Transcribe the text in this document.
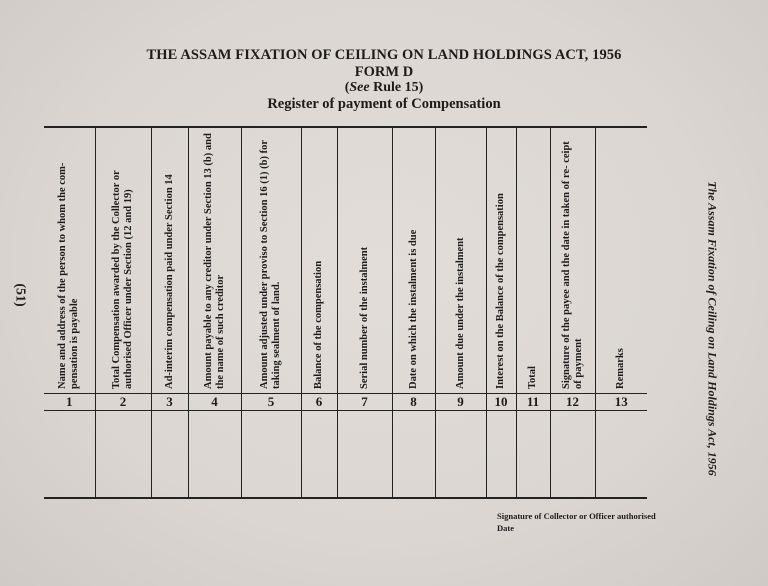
THE ASSAM FIXATION OF CEILING ON LAND HOLDINGS ACT, 1956
FORM D
(See Rule 15)
Register of payment of Compensation
(51)	The Assam Fixation of Ceiling on Land Holdings Act, 1956
Name and address of the person to whom the com- pensation is payable	Total Compensation awarded by the Collector or authorised Officer under Section (12 and 19)	Ad-interim compensation paid under Section 14	Amount payable to any creditor under Section 13 (b) and the name of such creditor	Amount adjusted under proviso to Section 16 (1) (b) for taking sealment of land.	Balance of the compensation	Serial number of the instalment	Date on which the instalment is due	Amount due under the instalment	Interest on the Balance of the compensation	Total	Signature of the payee and the date in taken of re- ceipt of payment	Remarks

1	2	3	4	5	6	7	8	9	10	11	12	13

Signature of Collector or Officer authorised
Date
